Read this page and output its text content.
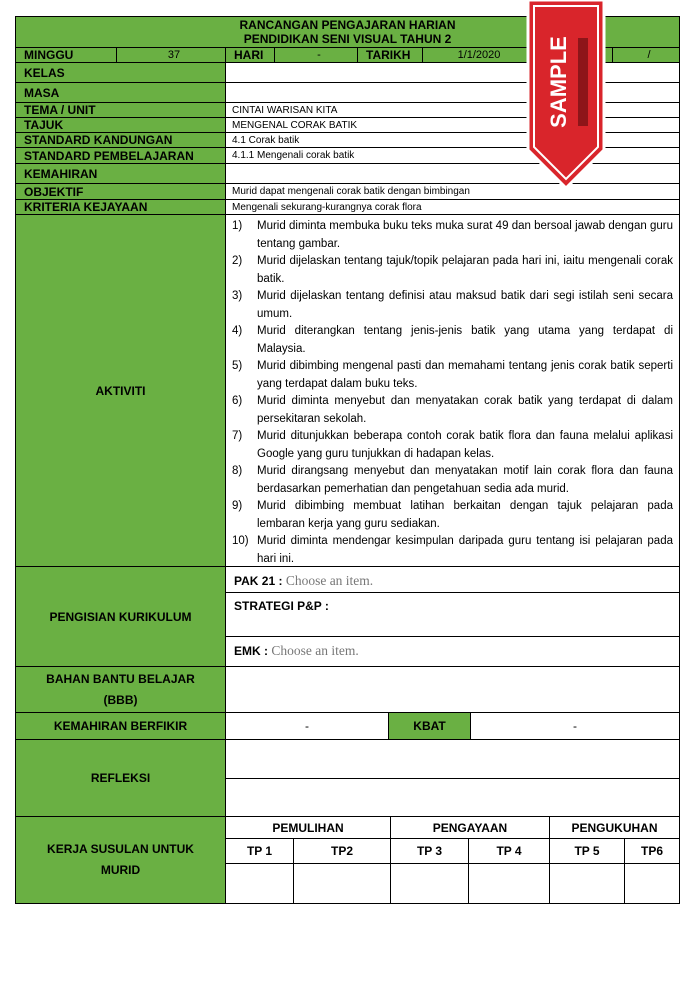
RANCANGAN PENGAJARAN HARIAN
PENDIDIKAN SENI VISUAL TAHUN 2
MINGGU	37	HARI	-	TARIKH	1/1/2020	/
KELAS
MASA
TEMA / UNIT	CINTAI WARISAN KITA
TAJUK	MENGENAL CORAK BATIK
STANDARD KANDUNGAN	4.1 Corak batik
STANDARD PEMBELAJARAN	4.1.1 Mengenali corak batik
KEMAHIRAN
OBJEKTIF	Murid dapat mengenali corak batik dengan bimbingan
KRITERIA KEJAYAAN	Mengenali sekurang-kurangnya corak flora
AKTIVITI
1)	Murid diminta membuka buku teks muka surat 49 dan bersoal jawab dengan guru tentang gambar.
2)	Murid dijelaskan tentang tajuk/topik pelajaran pada hari ini, iaitu mengenali corak batik.
3)	Murid dijelaskan tentang definisi atau maksud batik dari segi istilah seni secara umum.
4)	Murid diterangkan tentang jenis-jenis batik yang utama yang terdapat di Malaysia.
5)	Murid dibimbing mengenal pasti dan memahami tentang jenis corak batik seperti yang terdapat dalam buku teks.
6)	Murid diminta menyebut dan menyatakan corak batik yang terdapat di dalam persekitaran sekolah.
7)	Murid ditunjukkan beberapa contoh corak batik flora dan fauna melalui aplikasi Google yang guru tunjukkan di hadapan kelas.
8)	Murid dirangsang menyebut dan menyatakan motif lain corak flora dan fauna berdasarkan pemerhatian dan pengetahuan sedia ada murid.
9)	Murid dibimbing membuat latihan berkaitan dengan tajuk pelajaran pada lembaran kerja yang guru sediakan.
10) Murid diminta mendengar kesimpulan daripada guru tentang isi pelajaran pada hari ini.
PENGISIAN KURIKULUM
PAK 21 : Choose an item.
STRATEGI P&P :
EMK : Choose an item.
BAHAN BANTU BELAJAR
(BBB)
KEMAHIRAN BERFIKIR	-	KBAT	-
REFLEKSI
KERJA SUSULAN UNTUK
MURID
PEMULIHAN	PENGAYAAN	PENGUKUHAN
TP 1	TP2	TP 3	TP 4	TP 5	TP6
SAMPLE
